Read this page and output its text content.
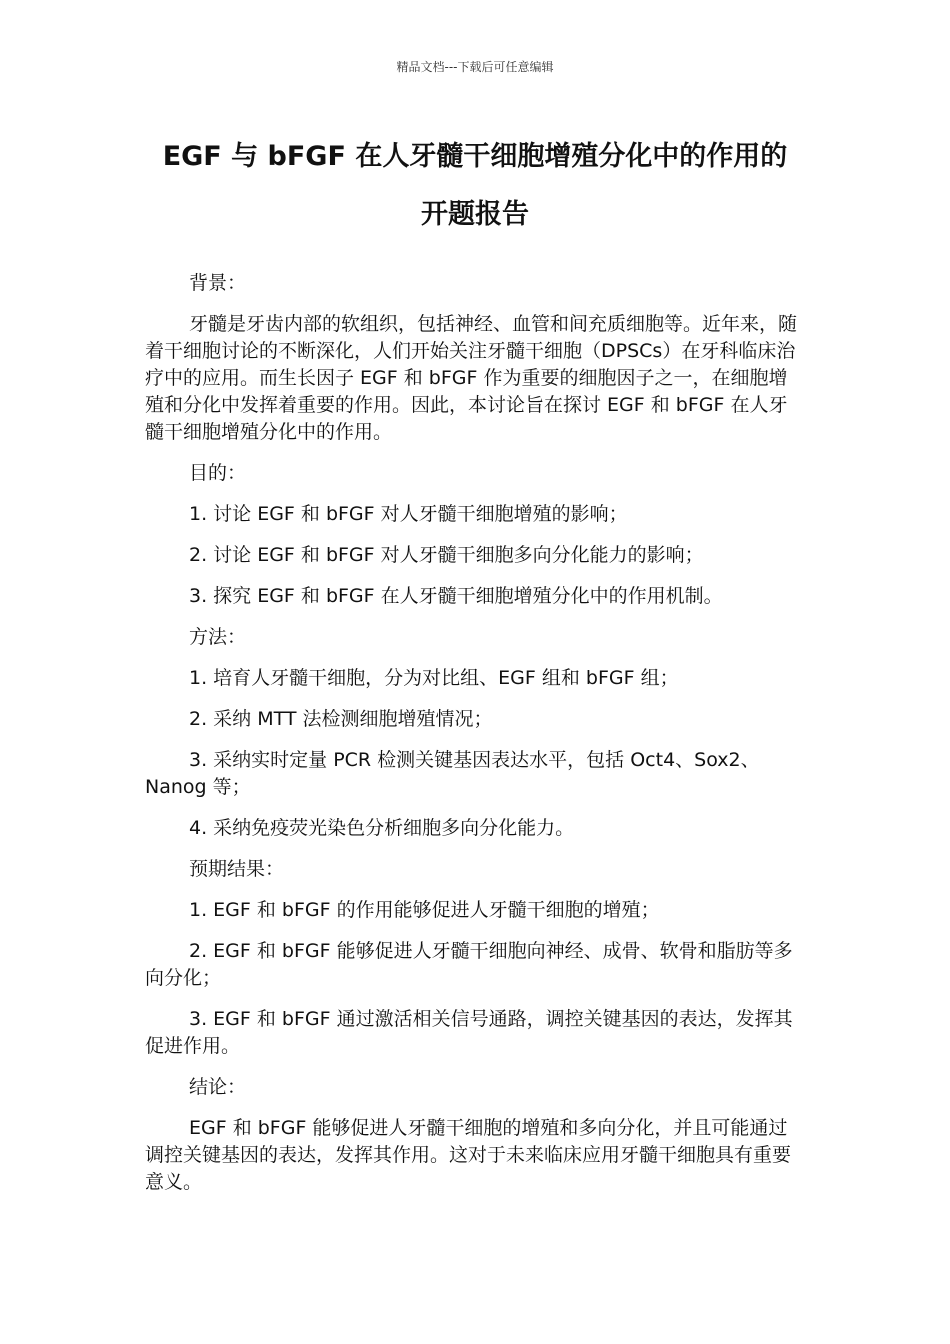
精品文档---下载后可任意编辑
EGF 与 bFGF 在人牙髓干细胞增殖分化中的作用的
开题报告

背景：

牙髓是牙齿内部的软组织，包括神经、血管和间充质细胞等。近年来，随着干细胞讨论的不断深化，人们开始关注牙髓干细胞（DPSCs）在牙科临床治疗中的应用。而生长因子 EGF 和 bFGF 作为重要的细胞因子之一，在细胞增殖和分化中发挥着重要的作用。因此，本讨论旨在探讨 EGF 和 bFGF 在人牙髓干细胞增殖分化中的作用。

目的：

1. 讨论 EGF 和 bFGF 对人牙髓干细胞增殖的影响；

2. 讨论 EGF 和 bFGF 对人牙髓干细胞多向分化能力的影响；

3. 探究 EGF 和 bFGF 在人牙髓干细胞增殖分化中的作用机制。

方法：

1. 培育人牙髓干细胞，分为对比组、EGF 组和 bFGF 组；

2. 采纳 MTT 法检测细胞增殖情况；

3. 采纳实时定量 PCR 检测关键基因表达水平，包括 Oct4、Sox2、Nanog 等；

4. 采纳免疫荧光染色分析细胞多向分化能力。

预期结果：

1. EGF 和 bFGF 的作用能够促进人牙髓干细胞的增殖；

2. EGF 和 bFGF 能够促进人牙髓干细胞向神经、成骨、软骨和脂肪等多向分化；

3. EGF 和 bFGF 通过激活相关信号通路，调控关键基因的表达，发挥其促进作用。

结论：

EGF 和 bFGF 能够促进人牙髓干细胞的增殖和多向分化，并且可能通过调控关键基因的表达，发挥其作用。这对于未来临床应用牙髓干细胞具有重要意义。
